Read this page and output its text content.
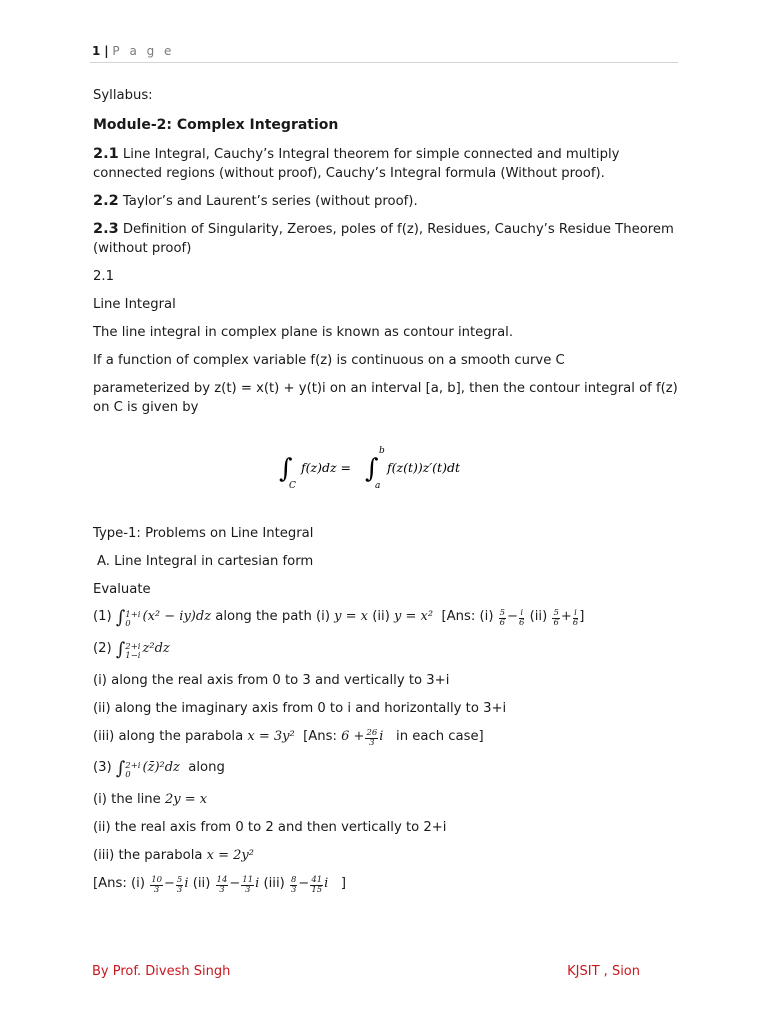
1 | P a g e

Syllabus:

Module-2: Complex Integration

2.1 Line Integral, Cauchy’s Integral theorem for simple connected and multiply connected regions (without proof), Cauchy’s Integral formula (Without proof).

2.2 Taylor’s and Laurent’s series (without proof).

2.3 Definition of Singularity, Zeroes, poles of f(z), Residues, Cauchy’s Residue Theorem (without proof)

2.1

Line Integral

The line integral in complex plane is known as contour integral.

If a function of complex variable f(z) is continuous on a smooth curve C

parameterized by z(t) = x(t) + y(t)i on an interval [a, b], then the contour integral of f(z) on C is given by

∫
C
f(z)dz = ∫
b
a
f(z(t))z′(t)dt

Type-1: Problems on Line Integral

A. Line Integral in cartesian form

Evaluate

(1) ∫ 1+i
0 (x² − iy)dz along the path (i) y = x (ii) y = x² [Ans: $(i) \frac{5}{6} - \frac{i}{6} (ii) \frac{5}{6} + \frac{i}{6}$ ]

(2) ∫ 2+i
1−i z²dz

(i) along the real axis from 0 to 3 and vertically to 3+i

(ii) along the imaginary axis from 0 to i and horizontally to 3+i

(iii) along the parabola x = 3y² [Ans: $6 + \frac{26}{3}$ i in each case]

(3) ∫ 2+i
0 (z̄)²dz along

(i) the line 2y = x

(ii) the real axis from 0 to 2 and then vertically to 2+i

(iii) the parabola x = 2y²

[Ans: $(i) \frac{10}{3} - \frac{5}{3}$ i $(ii) \frac{14}{3} - \frac{11}{3}$ i $(iii) \frac{8}{3} - \frac{41}{15}$ i ]

By Prof. Divesh Singh	KJSIT , Sion
